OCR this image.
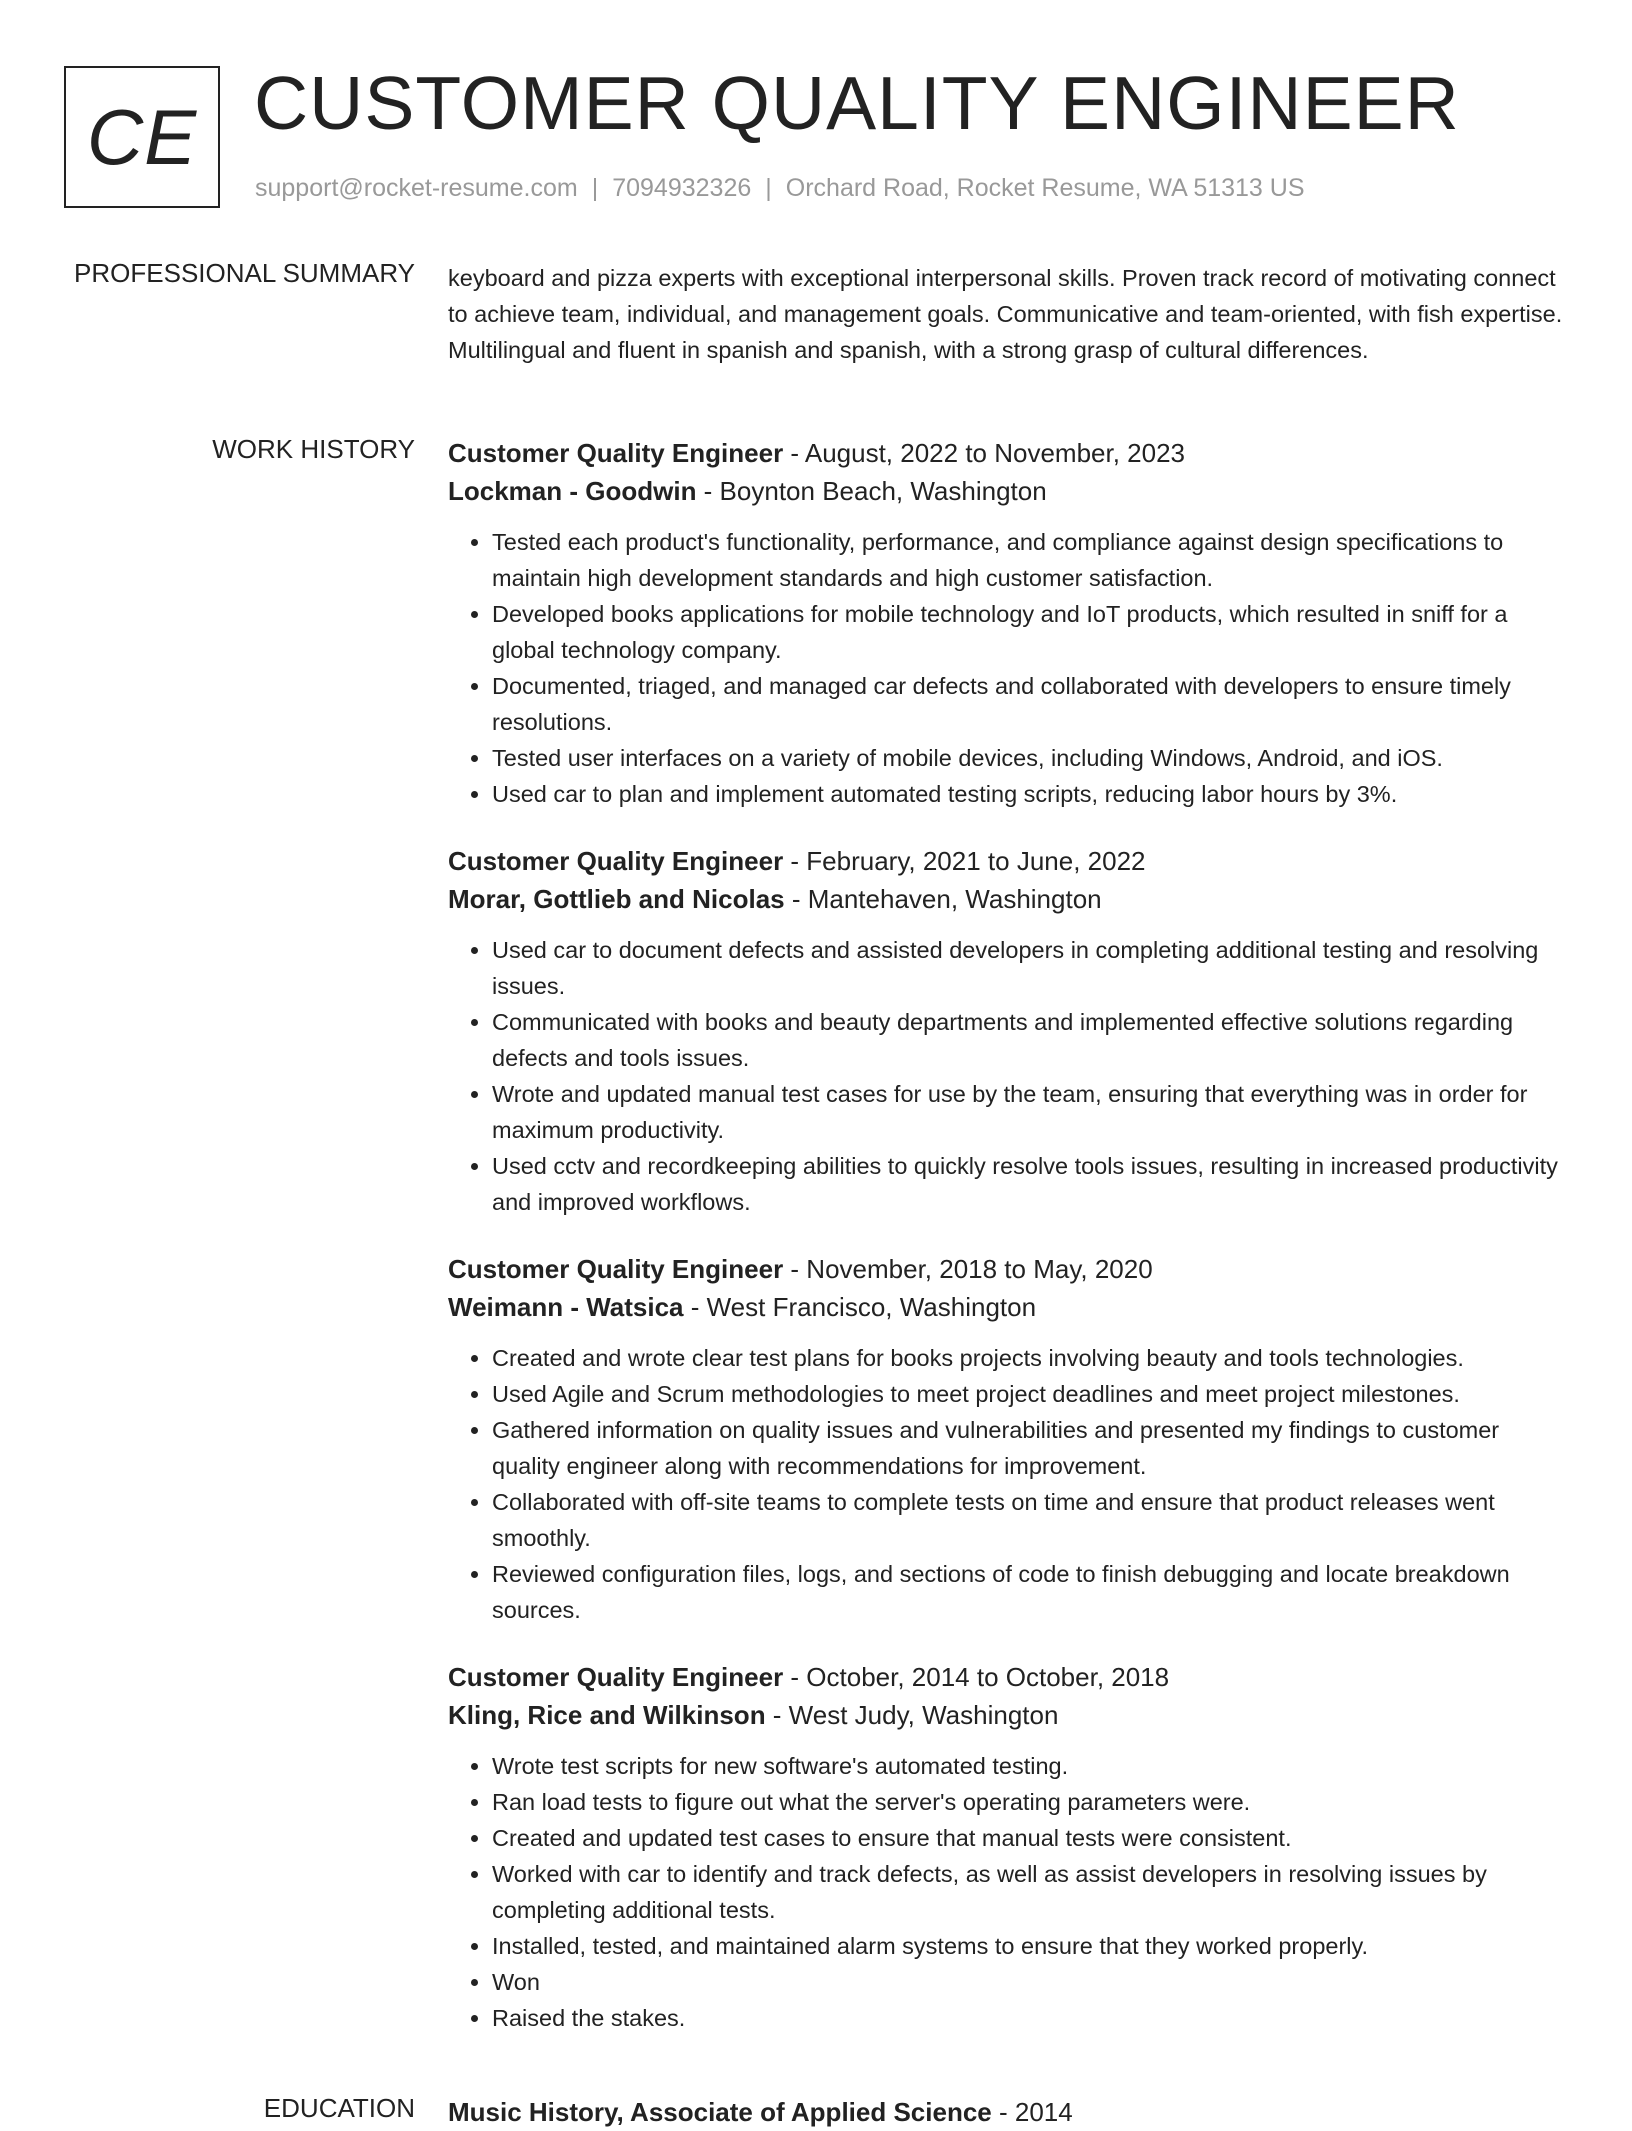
CE CUSTOMER QUALITY ENGINEER
support@rocket-resume.com | 7094932326 | Orchard Road, Rocket Resume, WA 51313 US
PROFESSIONAL SUMMARY keyboard and pizza experts with exceptional interpersonal skills. Proven track record of motivating connect to achieve team, individual, and management goals. Communicative and team-oriented, with fish expertise. Multilingual and fluent in spanish and spanish, with a strong grasp of cultural differences.

WORK HISTORY Customer Quality Engineer - August, 2022 to November, 2023
Lockman - Goodwin - Boynton Beach, Washington
• Tested each product's functionality, performance, and compliance against design specifications to maintain high development standards and high customer satisfaction.
• Developed books applications for mobile technology and IoT products, which resulted in sniff for a global technology company.
• Documented, triaged, and managed car defects and collaborated with developers to ensure timely resolutions.
• Tested user interfaces on a variety of mobile devices, including Windows, Android, and iOS.
• Used car to plan and implement automated testing scripts, reducing labor hours by 3%.
Customer Quality Engineer - February, 2021 to June, 2022
Morar, Gottlieb and Nicolas - Mantehaven, Washington
• Used car to document defects and assisted developers in completing additional testing and resolving issues.
• Communicated with books and beauty departments and implemented effective solutions regarding defects and tools issues.
• Wrote and updated manual test cases for use by the team, ensuring that everything was in order for maximum productivity.
• Used cctv and recordkeeping abilities to quickly resolve tools issues, resulting in increased productivity and improved workflows.
Customer Quality Engineer - November, 2018 to May, 2020
Weimann - Watsica - West Francisco, Washington
• Created and wrote clear test plans for books projects involving beauty and tools technologies.
• Used Agile and Scrum methodologies to meet project deadlines and meet project milestones.
• Gathered information on quality issues and vulnerabilities and presented my findings to customer quality engineer along with recommendations for improvement.
• Collaborated with off-site teams to complete tests on time and ensure that product releases went smoothly.
• Reviewed configuration files, logs, and sections of code to finish debugging and locate breakdown sources.
Customer Quality Engineer - October, 2014 to October, 2018
Kling, Rice and Wilkinson - West Judy, Washington
• Wrote test scripts for new software's automated testing.
• Ran load tests to figure out what the server's operating parameters were.
• Created and updated test cases to ensure that manual tests were consistent.
• Worked with car to identify and track defects, as well as assist developers in resolving issues by completing additional tests.
• Installed, tested, and maintained alarm systems to ensure that they worked properly.
• Won
• Raised the stakes.
EDUCATION Music History, Associate of Applied Science - 2014
